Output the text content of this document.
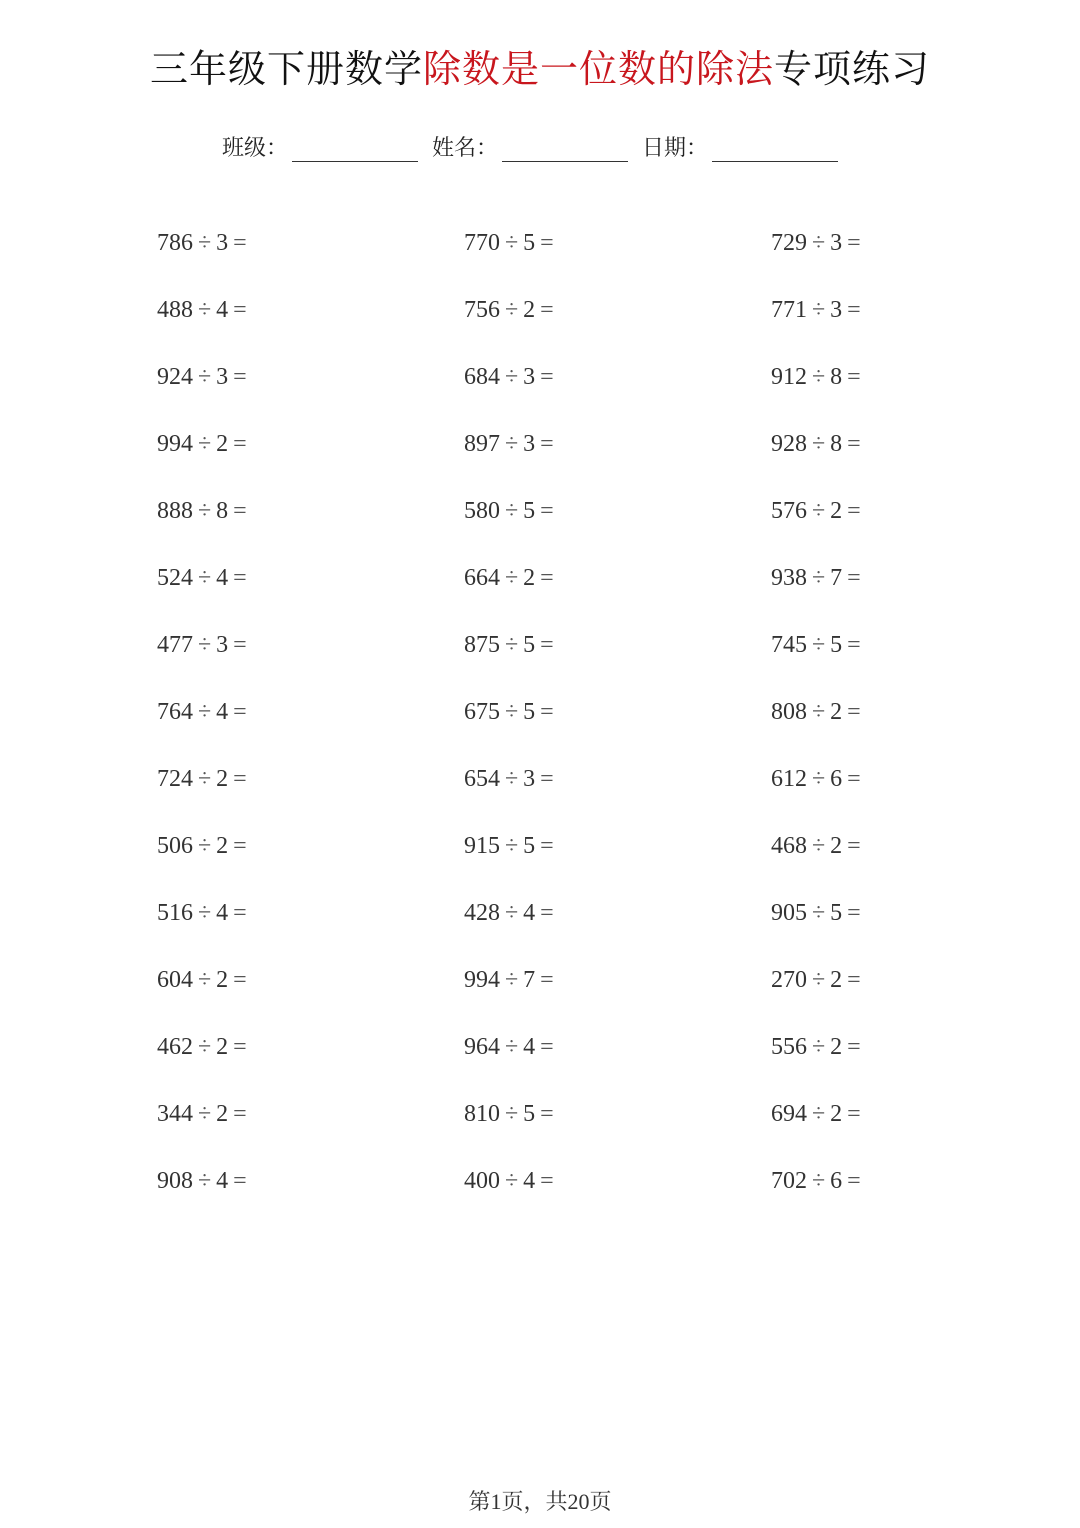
三年级下册数学除数是一位数的除法专项练习
班级：	姓名：	日期：
786 ÷ 3 =	770 ÷ 5 =	729 ÷ 3 =
488 ÷ 4 =	756 ÷ 2 =	771 ÷ 3 =
924 ÷ 3 =	684 ÷ 3 =	912 ÷ 8 =
994 ÷ 2 =	897 ÷ 3 =	928 ÷ 8 =
888 ÷ 8 =	580 ÷ 5 =	576 ÷ 2 =
524 ÷ 4 =	664 ÷ 2 =	938 ÷ 7 =
477 ÷ 3 =	875 ÷ 5 =	745 ÷ 5 =
764 ÷ 4 =	675 ÷ 5 =	808 ÷ 2 =
724 ÷ 2 =	654 ÷ 3 =	612 ÷ 6 =
506 ÷ 2 =	915 ÷ 5 =	468 ÷ 2 =
516 ÷ 4 =	428 ÷ 4 =	905 ÷ 5 =
604 ÷ 2 =	994 ÷ 7 =	270 ÷ 2 =
462 ÷ 2 =	964 ÷ 4 =	556 ÷ 2 =
344 ÷ 2 =	810 ÷ 5 =	694 ÷ 2 =
908 ÷ 4 =	400 ÷ 4 =	702 ÷ 6 =
第1页，共20页
